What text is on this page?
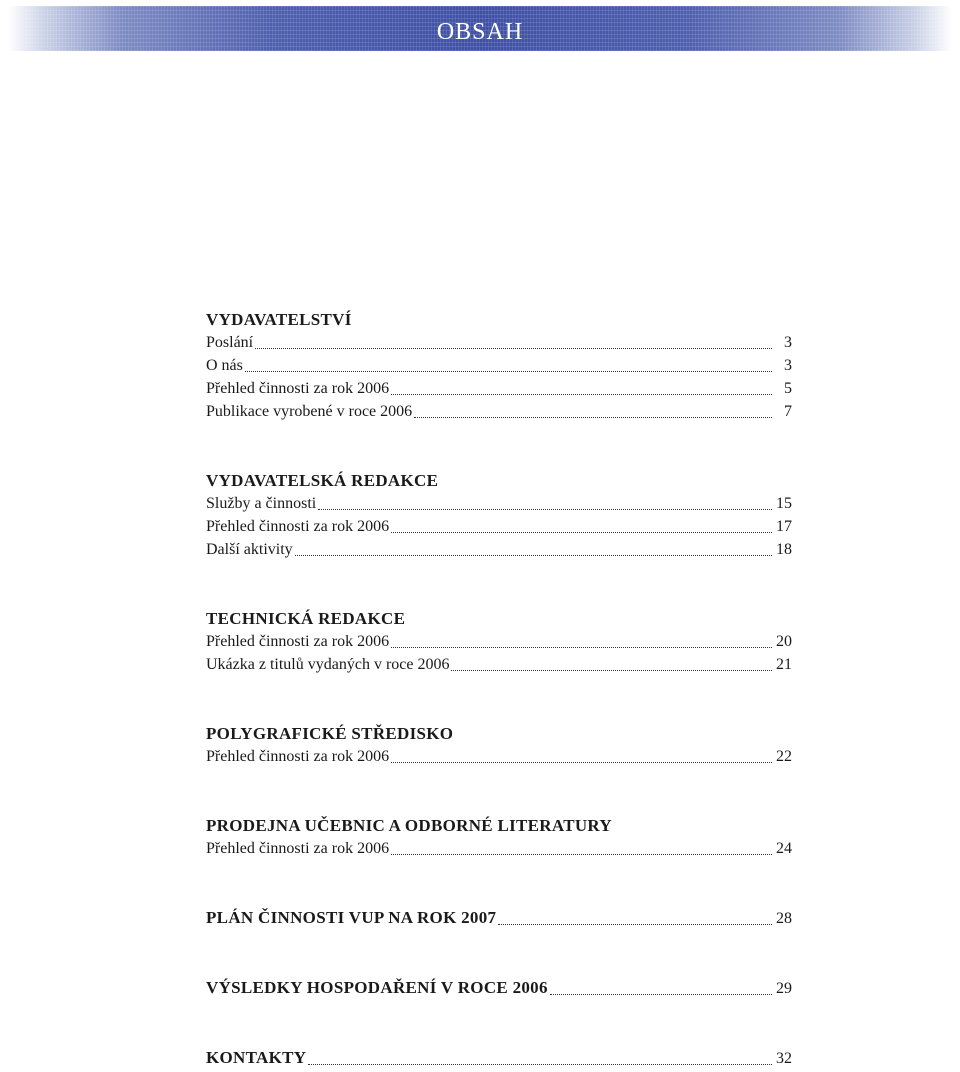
OBSAH
VYDAVATELSTVÍ
Poslání	3
O nás	3
Přehled činnosti za rok 2006	5
Publikace vyrobené v roce 2006	7
VYDAVATELSKÁ REDAKCE
Služby a činnosti	15
Přehled činnosti za rok 2006	17
Další aktivity	18
TECHNICKÁ REDAKCE
Přehled činnosti za rok 2006	20
Ukázka z titulů vydaných v roce 2006	21
POLYGRAFICKÉ STŘEDISKO
Přehled činnosti za rok 2006	22
PRODEJNA UČEBNIC A ODBORNÉ LITERATURY
Přehled činnosti za rok 2006	24
PLÁN ČINNOSTI VUP NA ROK 2007	28
VÝSLEDKY HOSPODAŘENÍ V ROCE 2006	29
KONTAKTY	32
